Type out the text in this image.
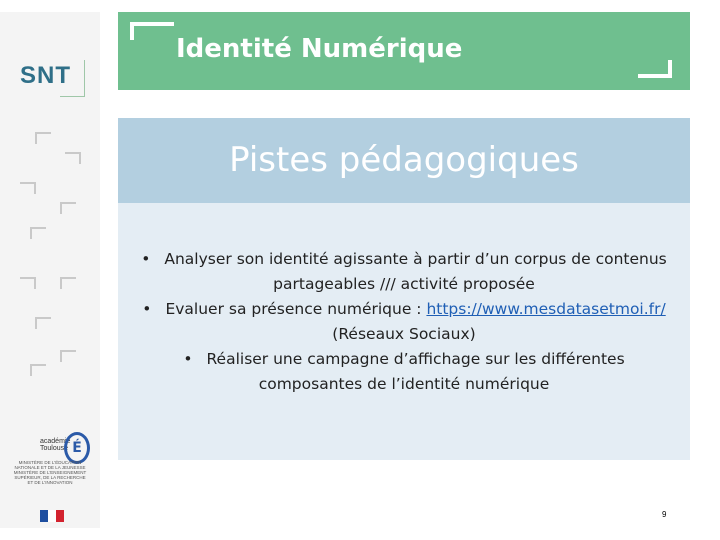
SNT
académie Toulouse É
MINISTÈRE DE L'ÉDUCATION NATIONALE ET DE LA JEUNESSE MINISTÈRE DE L'ENSEIGNEMENT SUPÉRIEUR, DE LA RECHERCHE ET DE L'INNOVATION
Identité Numérique
Pistes pédagogiques
• Analyser son identité agissante à partir d’un corpus de contenus
partageables /// activité proposée
• Evaluer sa présence numérique : https://www.mesdatasetmoi.fr/
(Réseaux Sociaux)
• Réaliser une campagne d’affichage sur les différentes
composantes de l’identité numérique
9
